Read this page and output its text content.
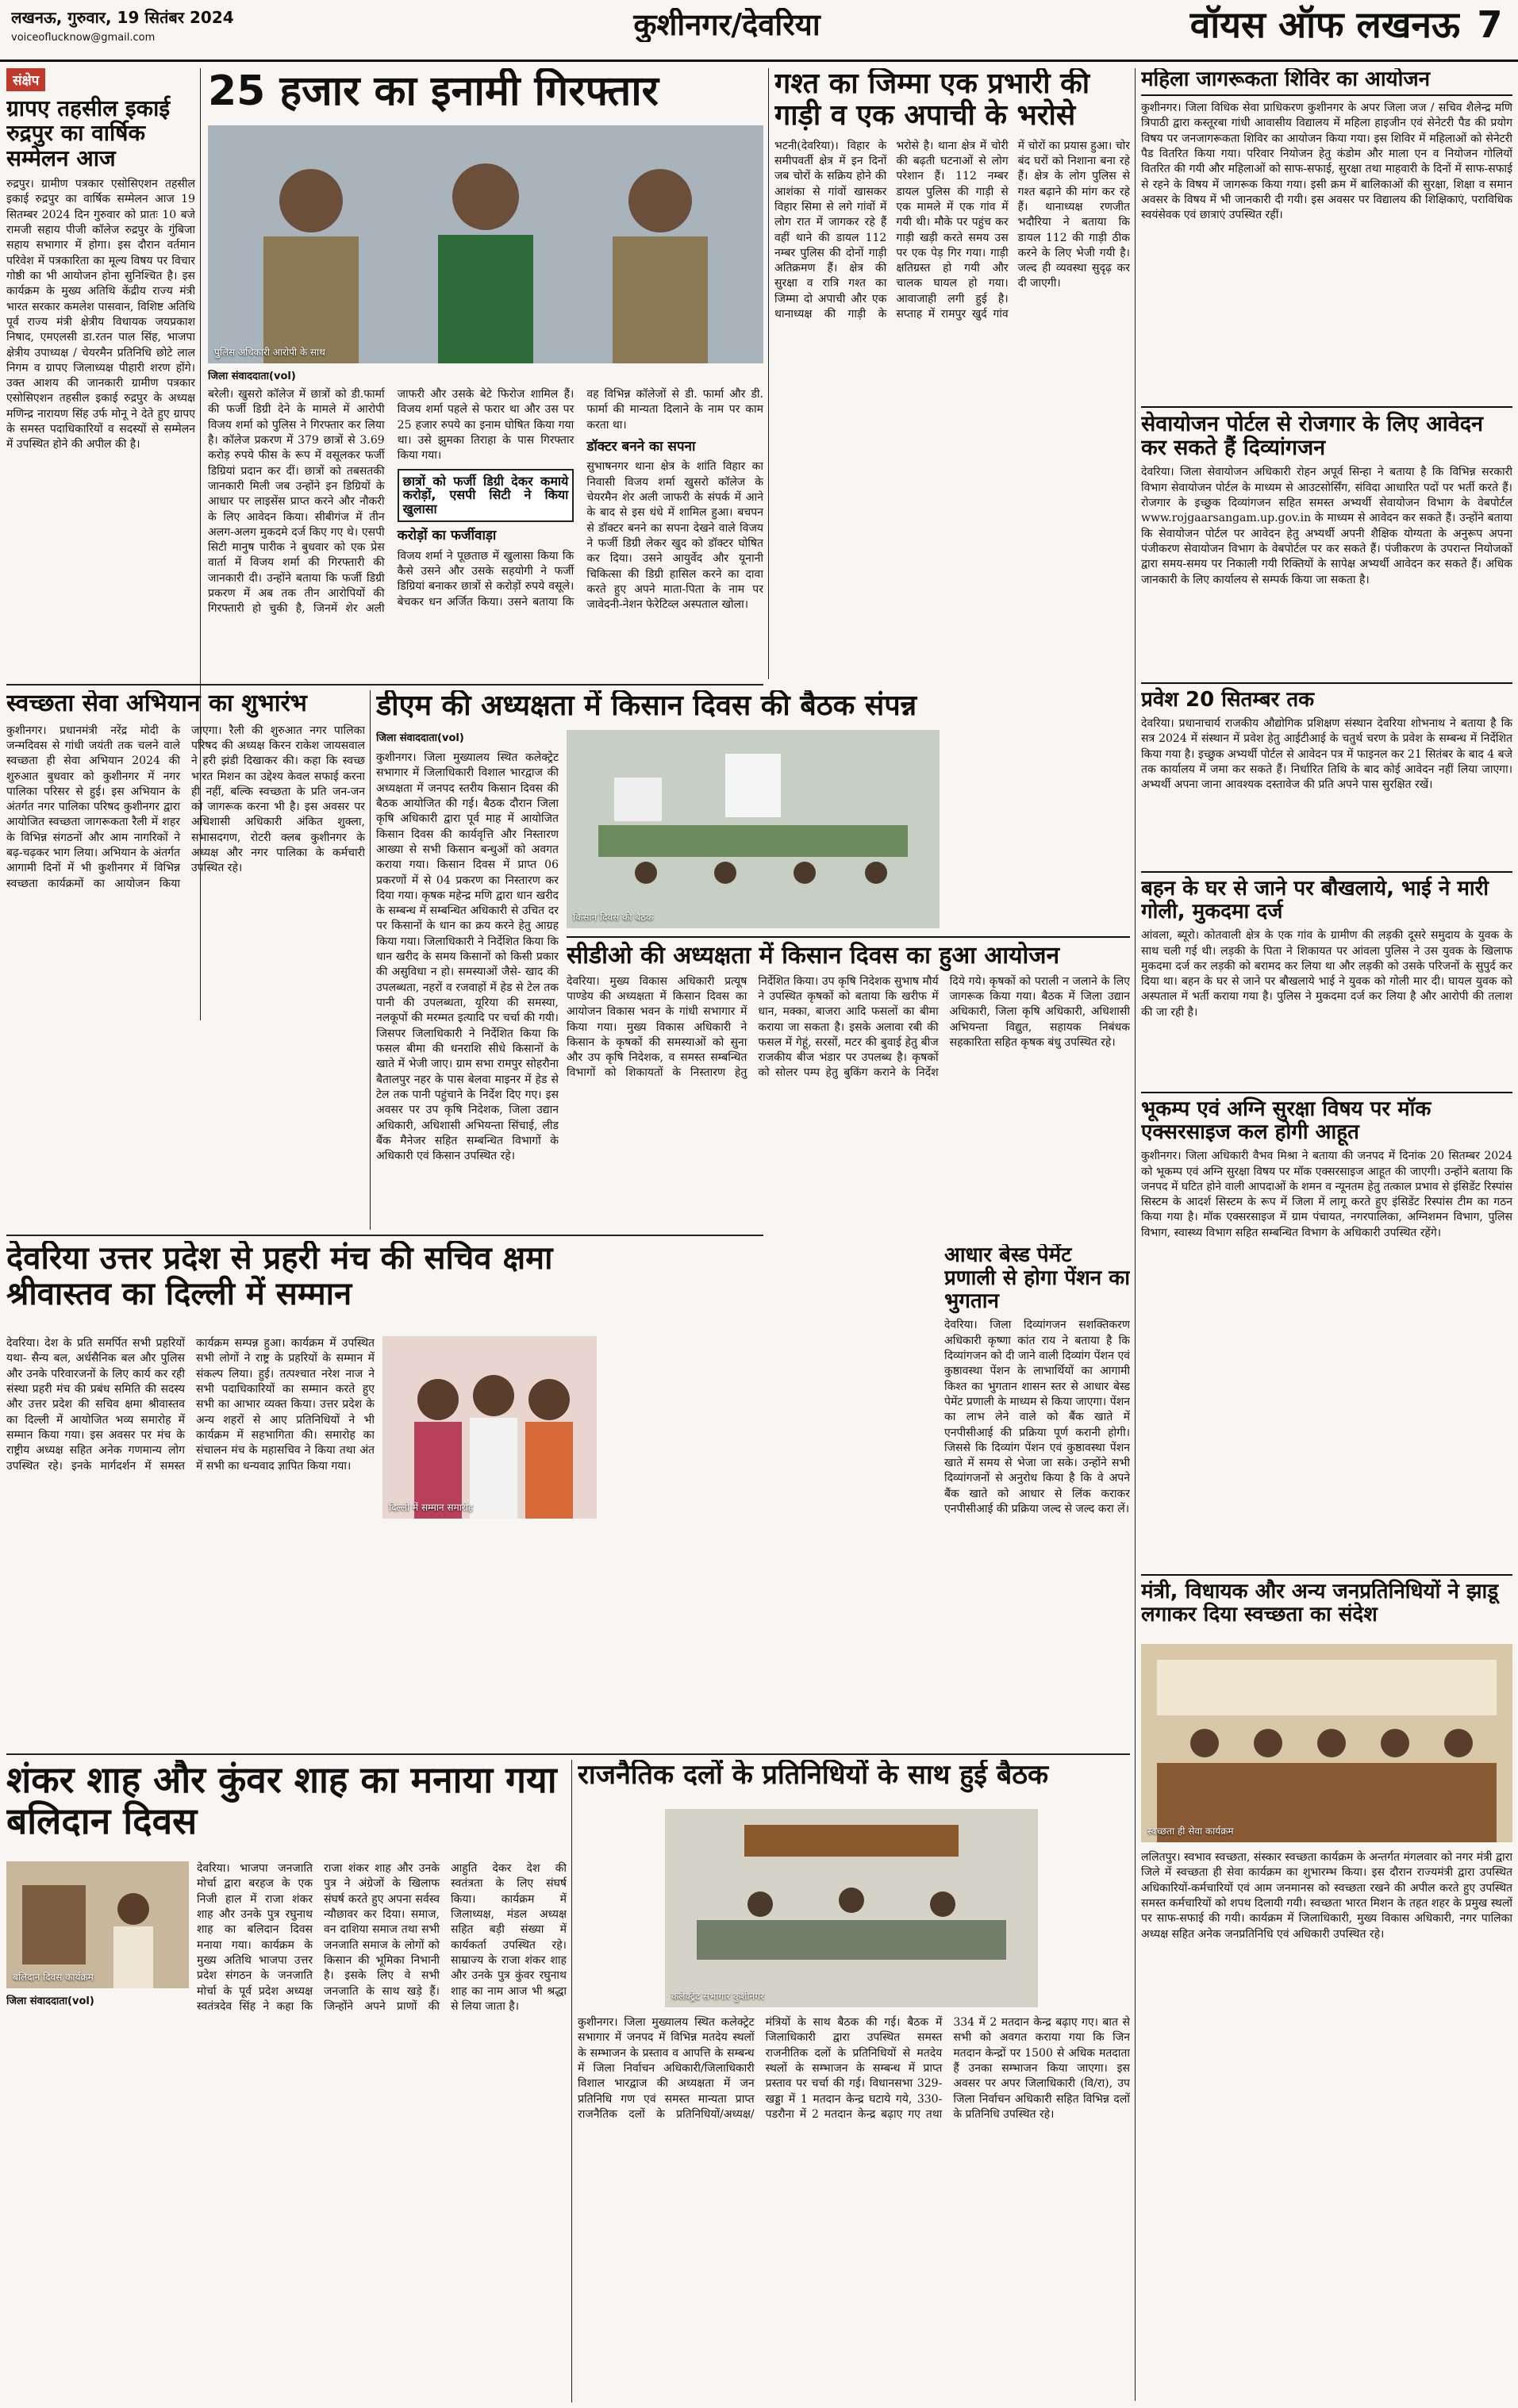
लखनऊ, गुरुवार, 19 सितंबर 2024
voiceoflucknow@gmail.com	कुशीनगर/देवरिया	वॉयस ऑफ लखनऊ 7
संक्षेप
ग्रापए तहसील इकाई रुद्रपुर का वार्षिक सम्मेलन आज
रुद्रपुर। ग्रामीण पत्रकार एसोसिएशन तहसील इकाई रुद्रपुर का वार्षिक सम्मेलन आज 19 सितम्बर 2024 दिन गुरुवार को प्रातः 10 बजे रामजी सहाय पीजी कॉलेज रुद्रपुर के गुंबिजा सहाय सभागार में होगा। इस दौरान वर्तमान परिवेश में पत्रकारिता का मूल्य विषय पर विचार गोष्ठी का भी आयोजन होना सुनिश्चित है। इस कार्यक्रम के मुख्य अतिथि केंद्रीय राज्य मंत्री भारत सरकार कमलेश पासवान, विशिष्ट अतिथि पूर्व राज्य मंत्री क्षेत्रीय विधायक जयप्रकाश निषाद, एमएलसी डा.रतन पाल सिंह, भाजपा क्षेत्रीय उपाध्यक्ष / चेयरमैन प्रतिनिधि छोटे लाल निगम व ग्रापए जिलाध्यक्ष पीहारी शरण होंगे। उक्त आशय की जानकारी ग्रामीण पत्रकार एसोसिएशन तहसील इकाई रुद्रपुर के अध्यक्ष मणिन्द्र नारायण सिंह उर्फ मोनू ने देते हुए ग्रापए के समस्त पदाधिकारियों व सदस्यों से सम्मेलन में उपस्थित होने की अपील की है।
25 हजार का इनामी गिरफ्तार
पुलिस अधिकारी आरोपी के साथ
जिला संवाददाता(vol)
बरेली। खुसरो कॉलेज में छात्रों को डी.फार्मा की फर्जी डिग्री देने के मामले में आरोपी विजय शर्मा को पुलिस ने गिरफ्तार कर लिया है। कॉलेज प्रकरण में 379 छात्रों से 3.69 करोड़ रुपये फीस के रूप में वसूलकर फर्जी डिग्रियां प्रदान कर दीं। छात्रों को तबसतकी जानकारी मिली जब उन्होंने इन डिग्रियों के आधार पर लाइसेंस प्राप्त करने और नौकरी के लिए आवेदन किया। सीबीगंज में तीन अलग-अलग मुकदमे दर्ज किए गए थे। एसपी सिटी मानुष पारीक ने बुधवार को एक प्रेस वार्ता में विजय शर्मा की गिरफ्तारी की जानकारी दी। उन्होंने बताया कि फर्जी डिग्री प्रकरण में अब तक तीन आरोपियों की गिरफ्तारी हो चुकी है, जिनमें शेर अली जाफरी और उसके बेटे फिरोज शामिल हैं। विजय शर्मा पहले से फरार था और उस पर 25 हजार रुपये का इनाम घोषित किया गया था। उसे झुमका तिराहा के पास गिरफ्तार किया गया।
छात्रों को फर्जी डिग्री देकर कमाये करोड़ों, एसपी सिटी ने किया खुलासा
करोड़ों का फर्जीवाड़ा
विजय शर्मा ने पूछताछ में खुलासा किया कि कैसे उसने और उसके सहयोगी ने फर्जी डिग्रियां बनाकर छात्रों से करोड़ों रुपये वसूले। बेचकर धन अर्जित किया। उसने बताया कि वह विभिन्न कॉलेजों से डी. फार्मा और डी. फार्मा की मान्यता दिलाने के नाम पर काम करता था।
डॉक्टर बनने का सपना
सुभाषनगर थाना क्षेत्र के शांति विहार का निवासी विजय शर्मा खुसरो कॉलेज के चेयरमैन शेर अली जाफरी के संपर्क में आने के बाद से इस धंधे में शामिल हुआ। बचपन से डॉक्टर बनने का सपना देखने वाले विजय ने फर्जी डिग्री लेकर खुद को डॉक्टर घोषित कर दिया। उसने आयुर्वेद और यूनानी चिकित्सा की डिग्री हासिल करने का दावा करते हुए अपने माता-पिता के नाम पर जावेदनी-नेशन फेरेटिव्ल अस्पताल खोला।
गश्त का जिम्मा एक प्रभारी की गाड़ी व एक अपाची के भरोसे
भटनी(देवरिया)। विहार के समीपवर्ती क्षेत्र में इन दिनों जब चोरों के सक्रिय होने की आशंका से गांवों खासकर विहार सिमा से लगे गांवों में लोग रात में जागकर रहे हैं वहीं थाने की डायल 112 नम्बर पुलिस की दोनों गाड़ी अतिक्रमण हैं। क्षेत्र की सुरक्षा व रात्रि गश्त का जिम्मा दो अपाची और एक थानाध्यक्ष की गाड़ी के भरोसे है। थाना क्षेत्र में चोरी की बढ़ती घटनाओं से लोग परेशान हैं। 112 नम्बर डायल पुलिस की गाड़ी से एक मामले में एक गांव में गयी थी। मौके पर पहुंच कर गाड़ी खड़ी करते समय उस पर एक पेड़ गिर गया। गाड़ी क्षतिग्रस्त हो गयी और चालक घायल हो गया। आवाजाही लगी हुई है। सप्ताह में रामपुर खुर्द गांव में चोरों का प्रयास हुआ। चोर बंद घरों को निशाना बना रहे हैं। क्षेत्र के लोग पुलिस से गश्त बढ़ाने की मांग कर रहे हैं। थानाध्यक्ष रणजीत भदौरिया ने बताया कि डायल 112 की गाड़ी ठीक करने के लिए भेजी गयी है। जल्द ही व्यवस्था सुदृढ़ कर दी जाएगी।
महिला जागरूकता शिविर का आयोजन
कुशीनगर। जिला विधिक सेवा प्राधिकरण कुशीनगर के अपर जिला जज / सचिव शैलेन्द्र मणि त्रिपाठी द्वारा कस्तूरबा गांधी आवासीय विद्यालय में महिला हाइजीन एवं सेनेटरी पैड की प्रयोग विषय पर जनजागरूकता शिविर का आयोजन किया गया। इस शिविर में महिलाओं को सेनेटरी पैड वितरित किया गया। परिवार नियोजन हेतु कंडोम और माला एन व नियोजन गोलियों वितरित की गयी और महिलाओं को साफ-सफाई, सुरक्षा तथा माहवारी के दिनों में साफ-सफाई से रहने के विषय में जागरूक किया गया। इसी क्रम में बालिकाओं की सुरक्षा, शिक्षा व समान अवसर के विषय में भी जानकारी दी गयी। इस अवसर पर विद्यालय की शिक्षिकाएं, पराविधिक स्वयंसेवक एवं छात्राएं उपस्थित रहीं।
सेवायोजन पोर्टल से रोजगार के लिए आवेदन कर सकते हैं दिव्यांगजन
देवरिया। जिला सेवायोजन अधिकारी रोहन अपूर्व सिन्हा ने बताया है कि विभिन्न सरकारी विभाग सेवायोजन पोर्टल के माध्यम से आउटसोर्सिंग, संविदा आधारित पदों पर भर्ती करते हैं। रोजगार के इच्छुक दिव्यांगजन सहित समस्त अभ्यर्थी सेवायोजन विभाग के वेबपोर्टल www.rojgaarsangam.up.gov.in के माध्यम से आवेदन कर सकते हैं। उन्होंने बताया कि सेवायोजन पोर्टल पर आवेदन हेतु अभ्यर्थी अपनी शैक्षिक योग्यता के अनुरूप अपना पंजीकरण सेवायोजन विभाग के वेबपोर्टल पर कर सकते हैं। पंजीकरण के उपरान्त नियोजकों द्वारा समय-समय पर निकाली गयी रिक्तियों के सापेक्ष अभ्यर्थी आवेदन कर सकते हैं। अधिक जानकारी के लिए कार्यालय से सम्पर्क किया जा सकता है।
प्रवेश 20 सितम्बर तक
देवरिया। प्रधानाचार्य राजकीय औद्योगिक प्रशिक्षण संस्थान देवरिया शोभनाथ ने बताया है कि सत्र 2024 में संस्थान में प्रवेश हेतु आईटीआई के चतुर्थ चरण के प्रवेश के सम्बन्ध में निर्देशित किया गया है। इच्छुक अभ्यर्थी पोर्टल से आवेदन पत्र में फाइनल कर 21 सितंबर के बाद 4 बजे तक कार्यालय में जमा कर सकते हैं। निर्धारित तिथि के बाद कोई आवेदन नहीं लिया जाएगा। अभ्यर्थी अपना जाना आवश्यक दस्तावेज की प्रति अपने पास सुरक्षित रखें।
बहन के घर से जाने पर बौखलाये, भाई ने मारी गोली, मुकदमा दर्ज
आंवला, ब्यूरो। कोतवाली क्षेत्र के एक गांव के ग्रामीण की लड़की दूसरे समुदाय के युवक के साथ चली गई थी। लड़की के पिता ने शिकायत पर आंवला पुलिस ने उस युवक के खिलाफ मुकदमा दर्ज कर लड़की को बरामद कर लिया था और लड़की को उसके परिजनों के सुपुर्द कर दिया था। बहन के घर से जाने पर बौखलाये भाई ने युवक को गोली मार दी। घायल युवक को अस्पताल में भर्ती कराया गया है। पुलिस ने मुकदमा दर्ज कर लिया है और आरोपी की तलाश की जा रही है।
भूकम्प एवं अग्नि सुरक्षा विषय पर मॉक एक्सरसाइज कल होगी आहूत
कुशीनगर। जिला अधिकारी वैभव मिश्रा ने बताया की जनपद में दिनांक 20 सितम्बर 2024 को भूकम्प एवं अग्नि सुरक्षा विषय पर मॉक एक्सरसाइज आहूत की जाएगी। उन्होंने बताया कि जनपद में घटित होने वाली आपदाओं के शमन व न्यूनतम हेतु तत्काल प्रभाव से इंसिडेंट रिस्पांस सिस्टम के आदर्श सिस्टम के रूप में जिला में लागू करते हुए इंसिडेंट रिस्पांस टीम का गठन किया गया है। मॉक एक्सरसाइज में ग्राम पंचायत, नगरपालिका, अग्निशमन विभाग, पुलिस विभाग, स्वास्थ्य विभाग सहित सम्बन्धित विभाग के अधिकारी उपस्थित रहेंगे।
मंत्री, विधायक और अन्य जनप्रतिनिधियों ने झाडू लगाकर दिया स्वच्छता का संदेश
स्वच्छता ही सेवा कार्यक्रम
ललितपुर। स्वभाव स्वच्छता, संस्कार स्वच्छता कार्यक्रम के अन्तर्गत मंगलवार को नगर मंत्री द्वारा जिले में स्वच्छता ही सेवा कार्यक्रम का शुभारम्भ किया। इस दौरान राज्यमंत्री द्वारा उपस्थित अधिकारियों-कर्मचारियों एवं आम जनमानस को स्वच्छता रखने की अपील करते हुए उपस्थित समस्त कर्मचारियों को शपथ दिलायी गयी। स्वच्छता भारत मिशन के तहत शहर के प्रमुख स्थलों पर साफ-सफाई की गयी। कार्यक्रम में जिलाधिकारी, मुख्य विकास अधिकारी, नगर पालिका अध्यक्ष सहित अनेक जनप्रतिनिधि एवं अधिकारी उपस्थित रहे।
स्वच्छता सेवा अभियान का शुभारंभ
कुशीनगर। प्रधानमंत्री नरेंद्र मोदी के जन्मदिवस से गांधी जयंती तक चलने वाले स्वच्छता ही सेवा अभियान 2024 की शुरुआत बुधवार को कुशीनगर में नगर पालिका परिसर से हुई। इस अभियान के अंतर्गत नगर पालिका परिषद कुशीनगर द्वारा आयोजित स्वच्छता जागरूकता रैली में शहर के विभिन्न संगठनों और आम नागरिकों ने बढ़-चढ़कर भाग लिया। अभियान के अंतर्गत आगामी दिनों में भी कुशीनगर में विभिन्न स्वच्छता कार्यक्रमों का आयोजन किया जाएगा। रैली की शुरुआत नगर पालिका परिषद की अध्यक्ष किरन राकेश जायसवाल ने हरी झंडी दिखाकर की। कहा कि स्वच्छ भारत मिशन का उद्देश्य केवल सफाई करना ही नहीं, बल्कि स्वच्छता के प्रति जन-जन को जागरूक करना भी है। इस अवसर पर अधिशासी अधिकारी अंकित शुक्ला, सभासदगण, रोटरी क्लब कुशीनगर के अध्यक्ष और नगर पालिका के कर्मचारी उपस्थित रहे।
डीएम की अध्यक्षता में किसान दिवस की बैठक संपन्न
जिला संवाददाता(vol)
किसान दिवस की बैठक
कुशीनगर। जिला मुख्यालय स्थित कलेक्ट्रेट सभागार में जिलाधिकारी विशाल भारद्वाज की अध्यक्षता में जनपद स्तरीय किसान दिवस की बैठक आयोजित की गई। बैठक दौरान जिला कृषि अधिकारी द्वारा पूर्व माह में आयोजित किसान दिवस की कार्यवृत्ति और निस्तारण आख्या से सभी किसान बन्धुओं को अवगत कराया गया। किसान दिवस में प्राप्त 06 प्रकरणों में से 04 प्रकरण का निस्तारण कर दिया गया। कृषक महेन्द्र मणि द्वारा धान खरीद के सम्बन्ध में सम्बन्धित अधिकारी से उचित दर पर किसानों के धान का क्रय करने हेतु आग्रह किया गया। जिलाधिकारी ने निर्देशित किया कि धान खरीद के समय किसानों को किसी प्रकार की असुविधा न हो। समस्याओं जैसे- खाद की उपलब्धता, नहरों व रजवाहों में हेड से टेल तक पानी की उपलब्धता, यूरिया की समस्या, नलकूपों की मरम्मत इत्यादि पर चर्चा की गयी। जिसपर जिलाधिकारी ने निर्देशित किया कि फसल बीमा की धनराशि सीधे किसानों के खाते में भेजी जाए। ग्राम सभा रामपुर सोहरौना बैतालपुर नहर के पास बेलवा माइनर में हेड से टेल तक पानी पहुंचाने के निर्देश दिए गए। इस अवसर पर उप कृषि निदेशक, जिला उद्यान अधिकारी, अधिशासी अभियन्ता सिंचाई, लीड बैंक मैनेजर सहित सम्बन्धित विभागों के अधिकारी एवं किसान उपस्थित रहे।
सीडीओ की अध्यक्षता में किसान दिवस का हुआ आयोजन
देवरिया। मुख्य विकास अधिकारी प्रत्यूष पाण्डेय की अध्यक्षता में किसान दिवस का आयोजन विकास भवन के गांधी सभागार में किया गया। मुख्य विकास अधिकारी ने किसान के कृषकों की समस्याओं को सुना और उप कृषि निदेशक, व समस्त सम्बन्धित विभागों को शिकायतों के निस्तारण हेतु निर्देशित किया। उप कृषि निदेशक सुभाष मौर्य ने उपस्थित कृषकों को बताया कि खरीफ में धान, मक्का, बाजरा आदि फसलों का बीमा कराया जा सकता है। इसके अलावा रबी की फसल में गेहूं, सरसों, मटर की बुवाई हेतु बीज राजकीय बीज भंडार पर उपलब्ध है। कृषकों को सोलर पम्प हेतु बुकिंग कराने के निर्देश दिये गये। कृषकों को पराली न जलाने के लिए जागरूक किया गया। बैठक में जिला उद्यान अधिकारी, जिला कृषि अधिकारी, अधिशासी अभियन्ता विद्युत, सहायक निबंधक सहकारिता सहित कृषक बंधु उपस्थित रहे।
देवरिया उत्तर प्रदेश से प्रहरी मंच की सचिव क्षमा श्रीवास्तव का दिल्ली में सम्मान
दिल्ली में सम्मान समारोह
देवरिया। देश के प्रति समर्पित सभी प्रहरियों यथा- सैन्य बल, अर्धसैनिक बल और पुलिस और उनके परिवारजनों के लिए कार्य कर रही संस्था प्रहरी मंच की प्रबंध समिति की सदस्य और उत्तर प्रदेश की सचिव क्षमा श्रीवास्तव का दिल्ली में आयोजित भव्य समारोह में सम्मान किया गया। इस अवसर पर मंच के राष्ट्रीय अध्यक्ष सहित अनेक गणमान्य लोग उपस्थित रहे। इनके मार्गदर्शन में समस्त कार्यक्रम सम्पन्न हुआ। कार्यक्रम में उपस्थित सभी लोगों ने राष्ट्र के प्रहरियों के सम्मान में संकल्प लिया। हुई। तत्पश्चात नरेश नाज ने सभी पदाधिकारियों का सम्मान करते हुए सभी का आभार व्यक्त किया। उत्तर प्रदेश के अन्य शहरों से आए प्रतिनिधियों ने भी कार्यक्रम में सहभागिता की। समारोह का संचालन मंच के महासचिव ने किया तथा अंत में सभी का धन्यवाद ज्ञापित किया गया।
आधार बेस्ड पेमेंट प्रणाली से होगा पेंशन का भुगतान
देवरिया। जिला दिव्यांगजन सशक्तिकरण अधिकारी कृष्णा कांत राय ने बताया है कि दिव्यांगजन को दी जाने वाली दिव्यांग पेंशन एवं कुष्ठावस्था पेंशन के लाभार्थियों का आगामी किश्त का भुगतान शासन स्तर से आधार बेस्ड पेमेंट प्रणाली के माध्यम से किया जाएगा। पेंशन का लाभ लेने वाले को बैंक खाते में एनपीसीआई की प्रक्रिया पूर्ण करानी होगी। जिससे कि दिव्यांग पेंशन एवं कुष्ठावस्था पेंशन खाते में समय से भेजा जा सके। उन्होंने सभी दिव्यांगजनों से अनुरोध किया है कि वे अपने बैंक खाते को आधार से लिंक कराकर एनपीसीआई की प्रक्रिया जल्द से जल्द करा लें।
शंकर शाह और कुंवर शाह का मनाया गया बलिदान दिवस
बलिदान दिवस कार्यक्रम
जिला संवाददाता(vol)
देवरिया। भाजपा जनजाति मोर्चा द्वारा बरहज के एक निजी हाल में राजा शंकर शाह और उनके पुत्र रघुनाथ शाह का बलिदान दिवस मनाया गया। कार्यक्रम के मुख्य अतिथि भाजपा उत्तर प्रदेश संगठन के जनजाति मोर्चा के पूर्व प्रदेश अध्यक्ष स्वतंत्रदेव सिंह ने कहा कि राजा शंकर शाह और उनके पुत्र ने अंग्रेजों के खिलाफ संघर्ष करते हुए अपना सर्वस्व न्यौछावर कर दिया। समाज, वन दाशिया समाज तथा सभी जनजाति समाज के लोगों को किसान की भूमिका निभानी है। इसके लिए वे सभी जनजाति के साथ खड़े हैं। जिन्होंने अपने प्राणों की आहुति देकर देश की स्वतंत्रता के लिए संघर्ष किया। कार्यक्रम में जिलाध्यक्ष, मंडल अध्यक्ष सहित बड़ी संख्या में कार्यकर्ता उपस्थित रहे। साम्राज्य के राजा शंकर शाह और उनके पुत्र कुंवर रघुनाथ शाह का नाम आज भी श्रद्धा से लिया जाता है।
राजनैतिक दलों के प्रतिनिधियों के साथ हुई बैठक
कलेक्ट्रेट सभागार कुशीनगर
कुशीनगर। जिला मुख्यालय स्थित कलेक्ट्रेट सभागार में जनपद में विभिन्न मतदेय स्थलों के सम्भाजन के प्रस्ताव व आपत्ति के सम्बन्ध में जिला निर्वाचन अधिकारी/जिलाधिकारी विशाल भारद्वाज की अध्यक्षता में जन प्रतिनिधि गण एवं समस्त मान्यता प्राप्त राजनैतिक दलों के प्रतिनिधियों/अध्यक्ष/मंत्रियों के साथ बैठक की गई। बैठक में जिलाधिकारी द्वारा उपस्थित समस्त राजनीतिक दलों के प्रतिनिधियों से मतदेय स्थलों के सम्भाजन के सम्बन्ध में प्राप्त प्रस्ताव पर चर्चा की गई। विधानसभा 329-खड्डा में 1 मतदान केन्द्र घटाये गये, 330-पडरौना में 2 मतदान केन्द्र बढ़ाए गए तथा 334 में 2 मतदान केन्द्र बढ़ाए गए। बात से सभी को अवगत कराया गया कि जिन मतदान केन्द्रों पर 1500 से अधिक मतदाता हैं उनका सम्भाजन किया जाएगा। इस अवसर पर अपर जिलाधिकारी (वि/रा), उप जिला निर्वाचन अधिकारी सहित विभिन्न दलों के प्रतिनिधि उपस्थित रहे।
